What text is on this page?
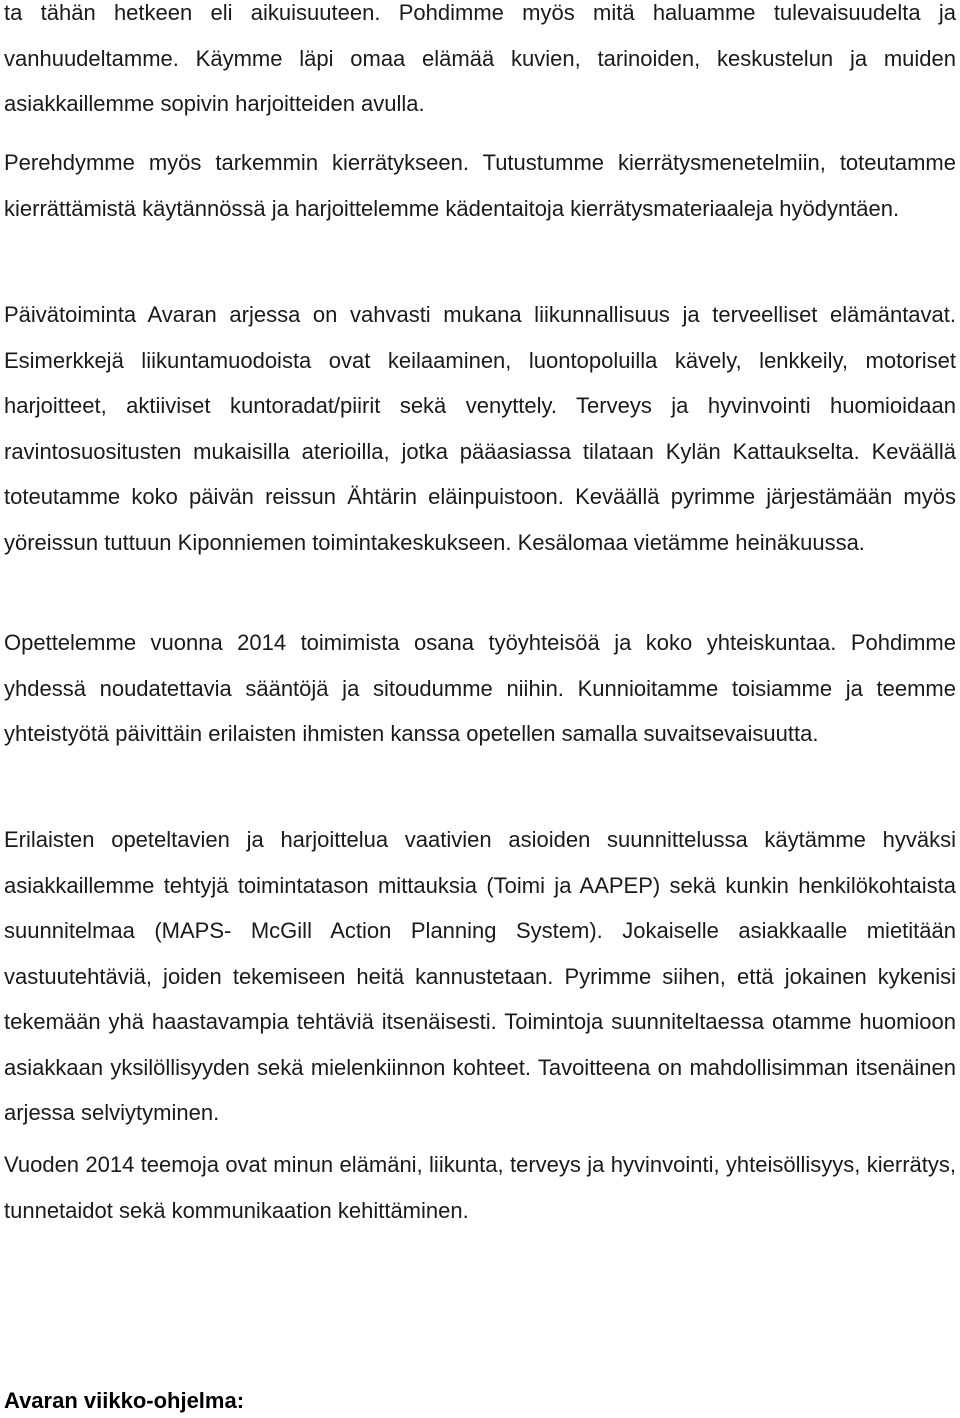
ta tähän hetkeen eli aikuisuuteen. Pohdimme myös mitä haluamme tulevaisuudelta ja vanhuudeltamme. Käymme läpi omaa elämää kuvien, tarinoiden, keskustelun ja muiden asiakkaillemme sopivin harjoitteiden avulla.

Perehdymme myös tarkemmin kierrätykseen. Tutustumme kierrätysmenetelmiin, toteutamme kierrättämistä käytännössä ja harjoittelemme kädentaitoja kierrätysmateriaaleja hyödyntäen.

Päivätoiminta Avaran arjessa on vahvasti mukana liikunnallisuus ja terveelliset elämäntavat. Esimerkkejä liikuntamuodoista ovat keilaaminen, luontopoluilla kävely, lenkkeily, motoriset harjoitteet, aktiiviset kuntoradat/piirit sekä venyttely. Terveys ja hyvinvointi huomioidaan ravintosuositusten mukaisilla aterioilla, jotka pääasiassa tilataan Kylän Kattaukselta. Keväällä toteutamme koko päivän reissun Ähtärin eläinpuistoon. Keväällä pyrimme järjestämään myös yöreissun tuttuun Kiponniemen toimintakeskukseen. Kesälomaa vietämme heinäkuussa.

Opettelemme vuonna 2014 toimimista osana työyhteisöä ja koko yhteiskuntaa. Pohdimme yhdessä noudatettavia sääntöjä ja sitoudumme niihin. Kunnioitamme toisiamme ja teemme yhteistyötä päivittäin erilaisten ihmisten kanssa opetellen samalla suvaitsevaisuutta.

Erilaisten opeteltavien ja harjoittelua vaativien asioiden suunnittelussa käytämme hyväksi asiakkaillemme tehtyjä toimintatason mittauksia (Toimi ja AAPEP) sekä kunkin henkilökohtaista suunnitelmaa (MAPS- McGill Action Planning System). Jokaiselle asiakkaalle mietitään vastuutehtäviä, joiden tekemiseen heitä kannustetaan. Pyrimme siihen, että jokainen kykenisi tekemään yhä haastavampia tehtäviä itsenäisesti. Toimintoja suunniteltaessa otamme huomioon asiakkaan yksilöllisyyden sekä mielenkiinnon kohteet. Tavoitteena on mahdollisimman itsenäinen arjessa selviytyminen.

Vuoden 2014 teemoja ovat minun elämäni, liikunta, terveys ja hyvinvointi, yhteisöllisyys, kierrätys, tunnetaidot sekä kommunikaation kehittäminen.

Avaran viikko-ohjelma:
